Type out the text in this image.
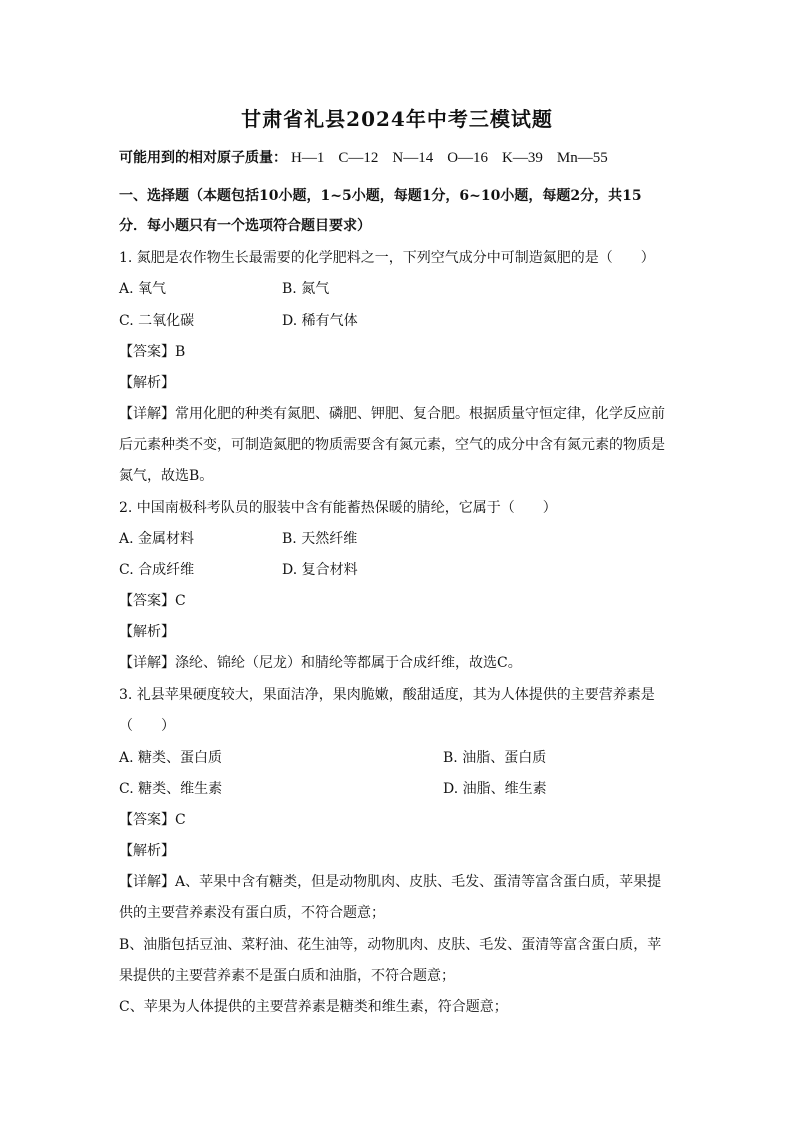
甘肃省礼县2024年中考三模试题
可能用到的相对原子质量： H—1 C—12 N—14 O—16 K—39 Mn—55
一、选择题（本题包括10小题，1~5小题，每题1分，6~10小题，每题2分，共15
分．每小题只有一个选项符合题目要求）
1. 氮肥是农作物生长最需要的化学肥料之一，下列空气成分中可制造氮肥的是（　　）
A. 氧气	B. 氮气
C. 二氧化碳	D. 稀有气体
【答案】B
【解析】
【详解】常用化肥的种类有氮肥、磷肥、钾肥、复合肥。根据质量守恒定律，化学反应前
后元素种类不变，可制造氮肥的物质需要含有氮元素，空气的成分中含有氮元素的物质是
氮气，故选B。
2. 中国南极科考队员的服装中含有能蓄热保暖的腈纶，它属于（　　）
A. 金属材料	B. 天然纤维
C. 合成纤维	D. 复合材料
【答案】C
【解析】
【详解】涤纶、锦纶（尼龙）和腈纶等都属于合成纤维，故选C。
3. 礼县苹果硬度较大，果面洁净，果肉脆嫩，酸甜适度，其为人体提供的主要营养素是
（　　）
A. 糖类、蛋白质	B. 油脂、蛋白质
C. 糖类、维生素	D. 油脂、维生素
【答案】C
【解析】
【详解】A、苹果中含有糖类，但是动物肌肉、皮肤、毛发、蛋清等富含蛋白质，苹果提
供的主要营养素没有蛋白质，不符合题意；
B、油脂包括豆油、菜籽油、花生油等，动物肌肉、皮肤、毛发、蛋清等富含蛋白质，苹
果提供的主要营养素不是蛋白质和油脂，不符合题意；
C、苹果为人体提供的主要营养素是糖类和维生素，符合题意；
